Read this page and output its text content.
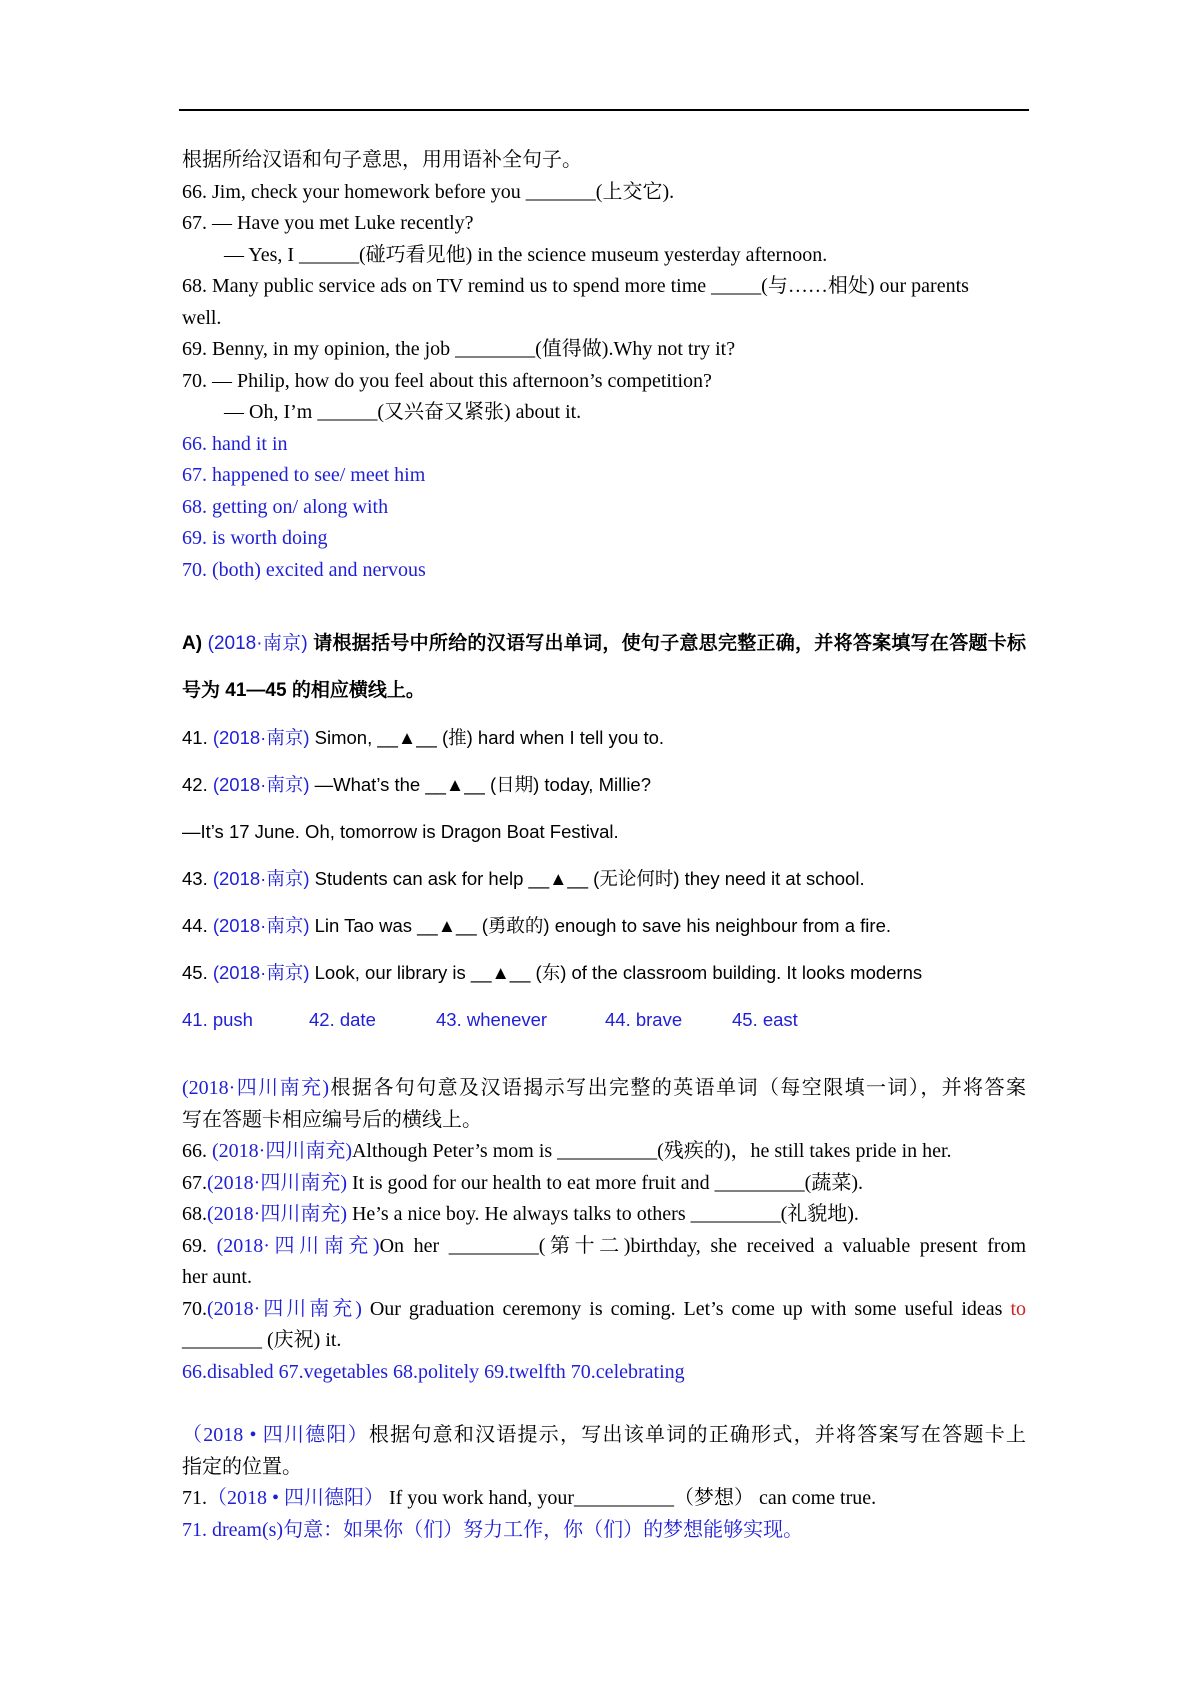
根据所给汉语和句子意思，用用语补全句子。

66. Jim, check your homework before you _______(上交它).

67. — Have you met Luke recently?

— Yes, I ______(碰巧看见他) in the science museum yesterday afternoon.

68. Many public service ads on TV remind us to spend more time _____(与……相处) our parents

well.

69. Benny, in my opinion, the job ________(值得做).Why not try it?

70. — Philip, how do you feel about this afternoon’s competition?

— Oh, I’m ______(又兴奋又紧张) about it.

66. hand it in

67. happened to see/ meet him

68. getting on/ along with

69. is worth doing

70. (both) excited and nervous

A) (2018·南京) 请根据括号中所给的汉语写出单词，使句子意思完整正确，并将答案填写在答题卡标号为 41—45 的相应横线上。

41. (2018·南京) Simon, __▲__ (推) hard when I tell you to.

42. (2018·南京) —What’s the __▲__ (日期) today, Millie?

—It’s 17 June. Oh, tomorrow is Dragon Boat Festival.

43. (2018·南京) Students can ask for help __▲__ (无论何时) they need it at school.

44. (2018·南京) Lin Tao was __▲__ (勇敢的) enough to save his neighbour from a fire.

45. (2018·南京) Look, our library is __▲__ (东) of the classroom building. It looks moderns

41. push	42. date	43. whenever	44. brave	45. east

(2018·四川南充)根据各句句意及汉语揭示写出完整的英语单词（每空限填一词），并将答案

写在答题卡相应编号后的横线上。

66. (2018·四川南充)Although Peter’s mom is __________(残疾的)，he still takes pride in her.

67.(2018·四川南充) It is good for our health to eat more fruit and _________(蔬菜).

68.(2018·四川南充) He’s a nice boy. He always talks to others _________(礼貌地).

69. (2018·四川南充)On her _________(第十二)birthday, she received a valuable present from

her aunt.

70.(2018·四川南充) Our graduation ceremony is coming. Let’s come up with some useful ideas to

________ (庆祝) it.

66.disabled 67.vegetables 68.politely 69.twelfth 70.celebrating

（2018 • 四川德阳）根据句意和汉语提示，写出该单词的正确形式，并将答案写在答题卡上

指定的位置。

71.（2018 • 四川德阳） If you work hand, your__________（梦想） can come true.

71. dream(s)句意：如果你（们）努力工作，你（们）的梦想能够实现。
